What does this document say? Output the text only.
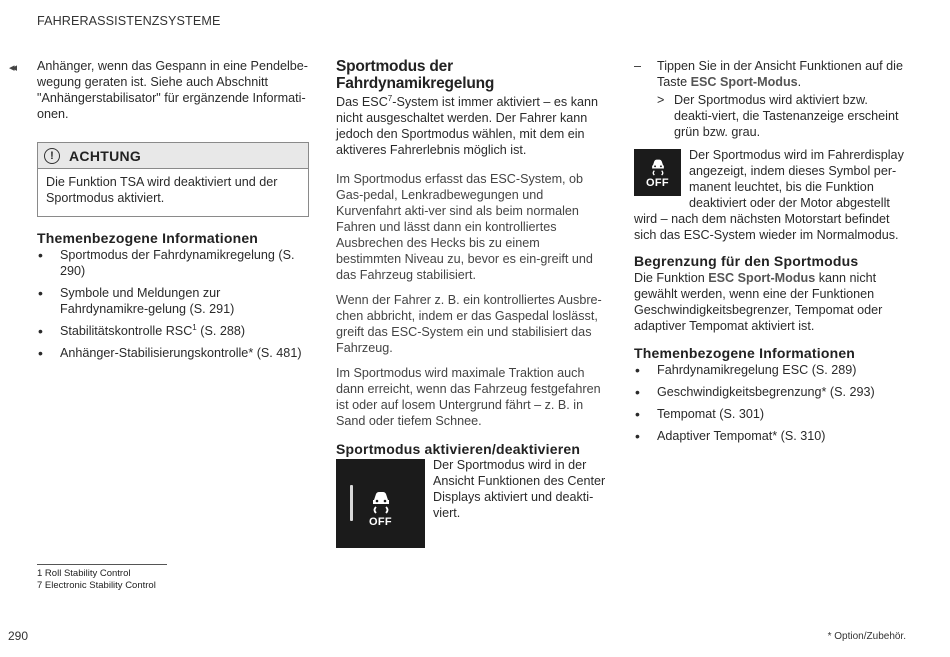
FAHRERASSISTENZSYSTEME
◂◂ Anhänger, wenn das Gespann in eine Pendelbe-wegung geraten ist. Siehe auch Abschnitt "Anhängerstabilisator" für ergänzende Informati-onen.

!	ACHTUNG
Die Funktion TSA wird deaktiviert und der Sportmodus aktiviert.
Themenbezogene Informationen
• Sportmodus der Fahrdynamikregelung (S. 290)
• Symbole und Meldungen zur Fahrdynamikre-gelung (S. 291)
• Stabilitätskontrolle RSC$^1$ (S. 288)
• Anhänger-Stabilisierungskontrolle* (S. 481)
Sportmodus der Fahrdynamikregelung

Das ESC$^7$-System ist immer aktiviert – es kann nicht ausgeschaltet werden. Der Fahrer kann jedoch den Sportmodus wählen, mit dem ein aktiveres Fahrerlebnis möglich ist.

Im Sportmodus erfasst das ESC-System, ob Gas-pedal, Lenkradbewegungen und Kurvenfahrt akti-ver sind als beim normalen Fahren und lässt dann ein kontrolliertes Ausbrechen des Hecks bis zu einem bestimmten Niveau zu, bevor es ein-greift und das Fahrzeug stabilisiert.

Wenn der Fahrer z. B. ein kontrolliertes Ausbre-chen abbricht, indem er das Gaspedal loslässt, greift das ESC-System ein und stabilisiert das Fahrzeug.

Im Sportmodus wird maximale Traktion auch dann erreicht, wenn das Fahrzeug festgefahren ist oder auf losem Untergrund fährt – z. B. in Sand oder tiefem Schnee.

Sportmodus aktivieren/deaktivieren
OFF

Der Sportmodus wird in der Ansicht Funktionen des Center Displays aktiviert und deakti-viert.

– Tippen Sie in der Ansicht Funktionen auf die Taste ESC Sport-Modus.
> Der Sportmodus wird aktiviert bzw. deakti-viert, die Tastenanzeige erscheint grün bzw. grau.
OFF

Der Sportmodus wird im Fahrerdisplay angezeigt, indem dieses Symbol per-manent leuchtet, bis die Funktion deaktiviert oder der Motor abgestellt

wird – nach dem nächsten Motorstart befindet sich das ESC-System wieder im Normalmodus.

Begrenzung für den Sportmodus

Die Funktion ESC Sport-Modus kann nicht gewählt werden, wenn eine der Funktionen Geschwindigkeitsbegrenzer, Tempomat oder adaptiver Tempomat aktiviert ist.

Themenbezogene Informationen
• Fahrdynamikregelung ESC (S. 289)
• Geschwindigkeitsbegrenzung* (S. 293)
• Tempomat (S. 301)
• Adaptiver Tempomat* (S. 310)
1 Roll Stability Control
7 Electronic Stability Control
290	* Option/Zubehör.
